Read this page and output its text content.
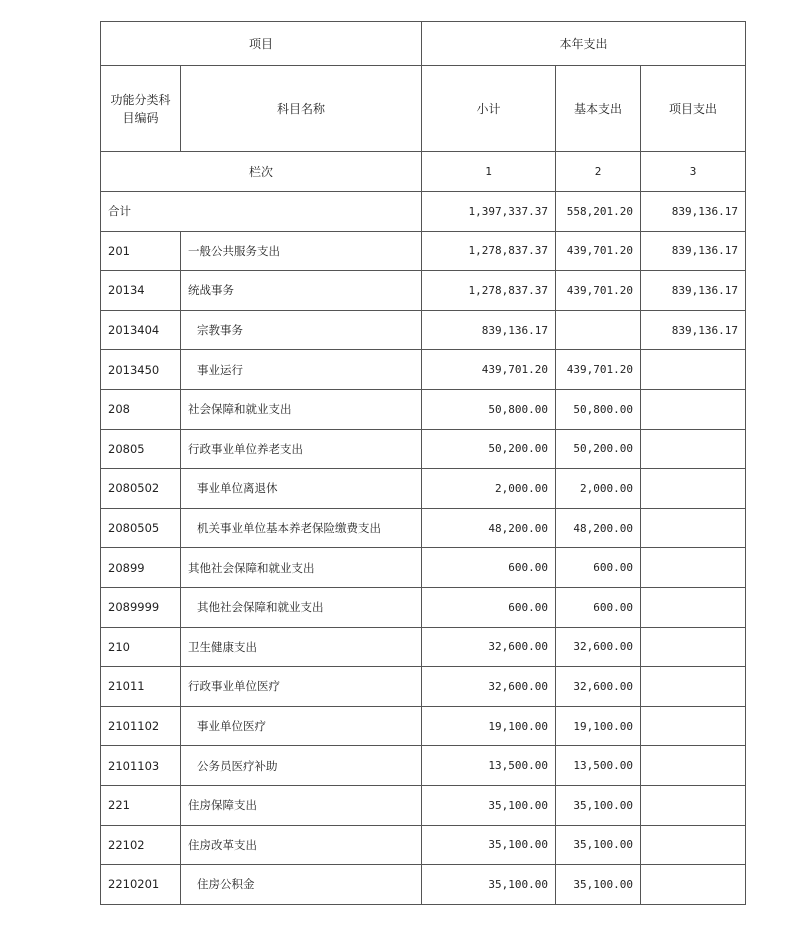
项目		本年支出		
功能分类科目编码	科目名称	小计	基本支出	项目支出
栏次		1	2	3
合计		1,397,337.37	558,201.20	839,136.17
201	一般公共服务支出	1,278,837.37	439,701.20	839,136.17
20134	统战事务	1,278,837.37	439,701.20	839,136.17
2013404	宗教事务	839,136.17		839,136.17
2013450	事业运行	439,701.20	439,701.20	
208	社会保障和就业支出	50,800.00	50,800.00	
20805	行政事业单位养老支出	50,200.00	50,200.00	
2080502	事业单位离退休	2,000.00	2,000.00	
2080505	机关事业单位基本养老保险缴费支出	48,200.00	48,200.00	
20899	其他社会保障和就业支出	600.00	600.00	
2089999	其他社会保障和就业支出	600.00	600.00	
210	卫生健康支出	32,600.00	32,600.00	
21011	行政事业单位医疗	32,600.00	32,600.00	
2101102	事业单位医疗	19,100.00	19,100.00	
2101103	公务员医疗补助	13,500.00	13,500.00	
221	住房保障支出	35,100.00	35,100.00	
22102	住房改革支出	35,100.00	35,100.00	
2210201	住房公积金	35,100.00	35,100.00	
